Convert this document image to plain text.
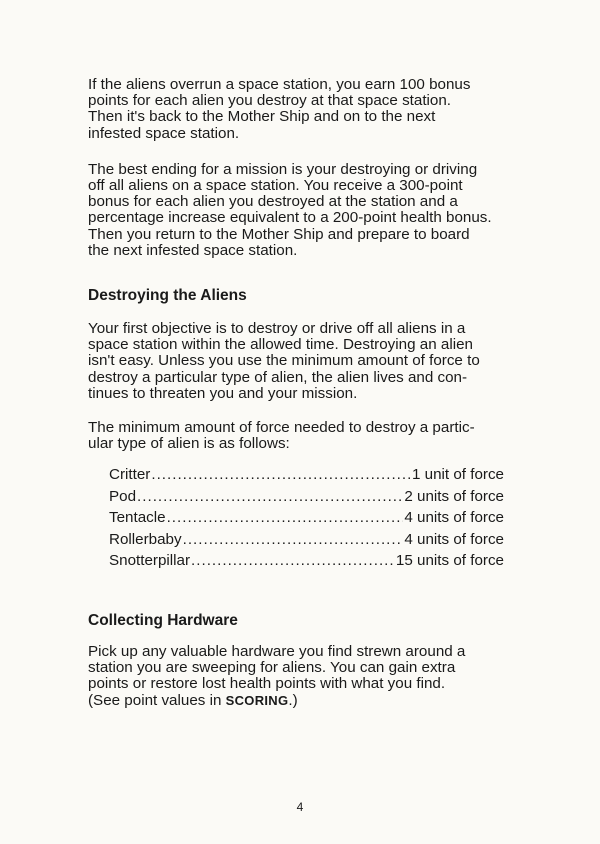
If the aliens overrun a space station, you earn 100 bonus
points for each alien you destroy at that space station.
Then it's back to the Mother Ship and on to the next
infested space station.

The best ending for a mission is your destroying or driving
off all aliens on a space station. You receive a 300-point
bonus for each alien you destroyed at the station and a
percentage increase equivalent to a 200-point health bonus.
Then you return to the Mother Ship and prepare to board
the next infested space station.

Destroying the Aliens

Your first objective is to destroy or drive off all aliens in a
space station within the allowed time. Destroying an alien
isn't easy. Unless you use the minimum amount of force to
destroy a particular type of alien, the alien lives and con-
tinues to threaten you and your mission.

The minimum amount of force needed to destroy a partic-
ular type of alien is as follows:

Critter .....	1 unit of force
Pod .....	2 units of force
Tentacle .....	4 units of force
Rollerbaby .....	4 units of force
Snotterpillar .....	15 units of force
Collecting Hardware

Pick up any valuable hardware you find strewn around a
station you are sweeping for aliens. You can gain extra
points or restore lost health points with what you find.
(See point values in SCORING.)

4
